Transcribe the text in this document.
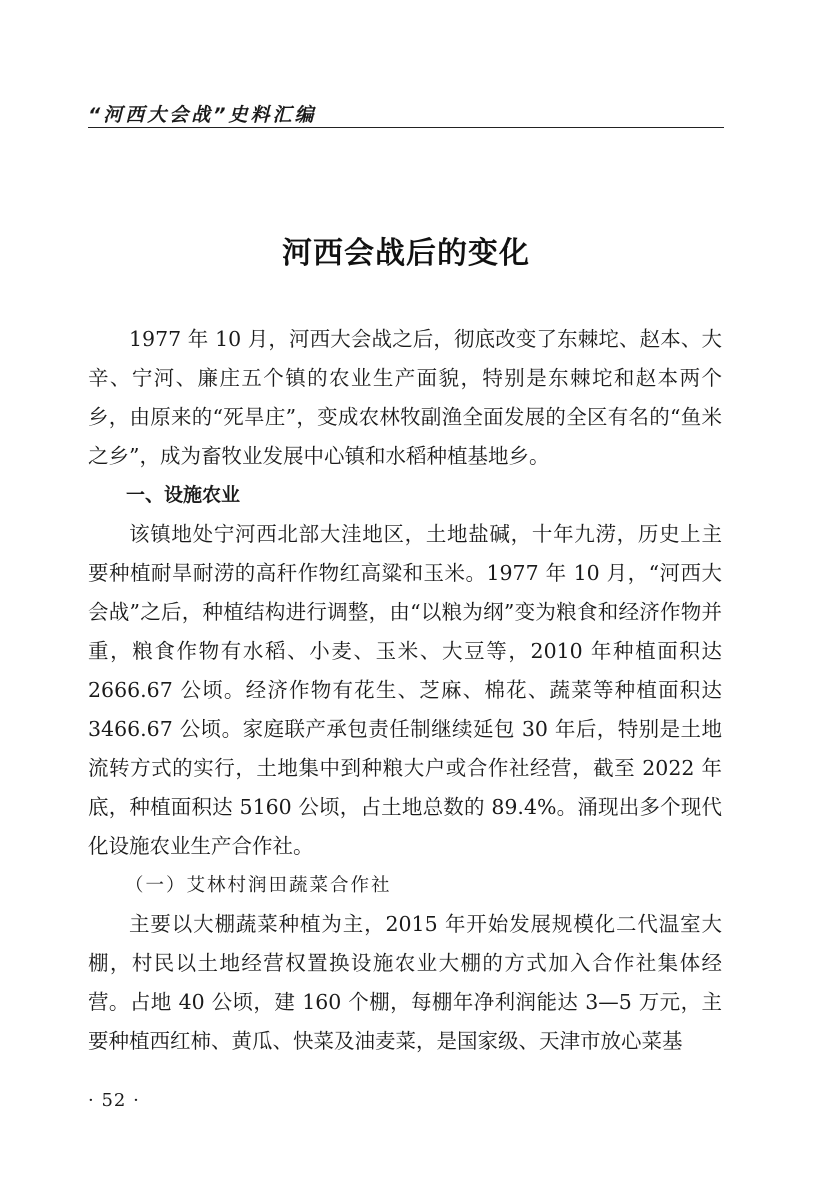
“河西大会战”史料汇编
河西会战后的变化

1977 年 10 月，河西大会战之后，彻底改变了东棘坨、赵本、大辛、宁河、廉庄五个镇的农业生产面貌，特别是东棘坨和赵本两个乡，由原来的“死旱庄”，变成农林牧副渔全面发展的全区有名的“鱼米之乡”，成为畜牧业发展中心镇和水稻种植基地乡。

一、设施农业

该镇地处宁河西北部大洼地区，土地盐碱，十年九涝，历史上主要种植耐旱耐涝的高秆作物红高粱和玉米。1977 年 10 月，“河西大会战”之后，种植结构进行调整，由“以粮为纲”变为粮食和经济作物并重，粮食作物有水稻、小麦、玉米、大豆等，2010 年种植面积达 2666.67 公顷。经济作物有花生、芝麻、棉花、蔬菜等种植面积达 3466.67 公顷。家庭联产承包责任制继续延包 30 年后，特别是土地流转方式的实行，土地集中到种粮大户或合作社经营，截至 2022 年底，种植面积达 5160 公顷，占土地总数的 89.4%。涌现出多个现代化设施农业生产合作社。

（一）艾林村润田蔬菜合作社

主要以大棚蔬菜种植为主，2015 年开始发展规模化二代温室大棚，村民以土地经营权置换设施农业大棚的方式加入合作社集体经营。占地 40 公顷，建 160 个棚，每棚年净利润能达 3—5 万元，主要种植西红柿、黄瓜、快菜及油麦菜，是国家级、天津市放心菜基

· 52 ·
